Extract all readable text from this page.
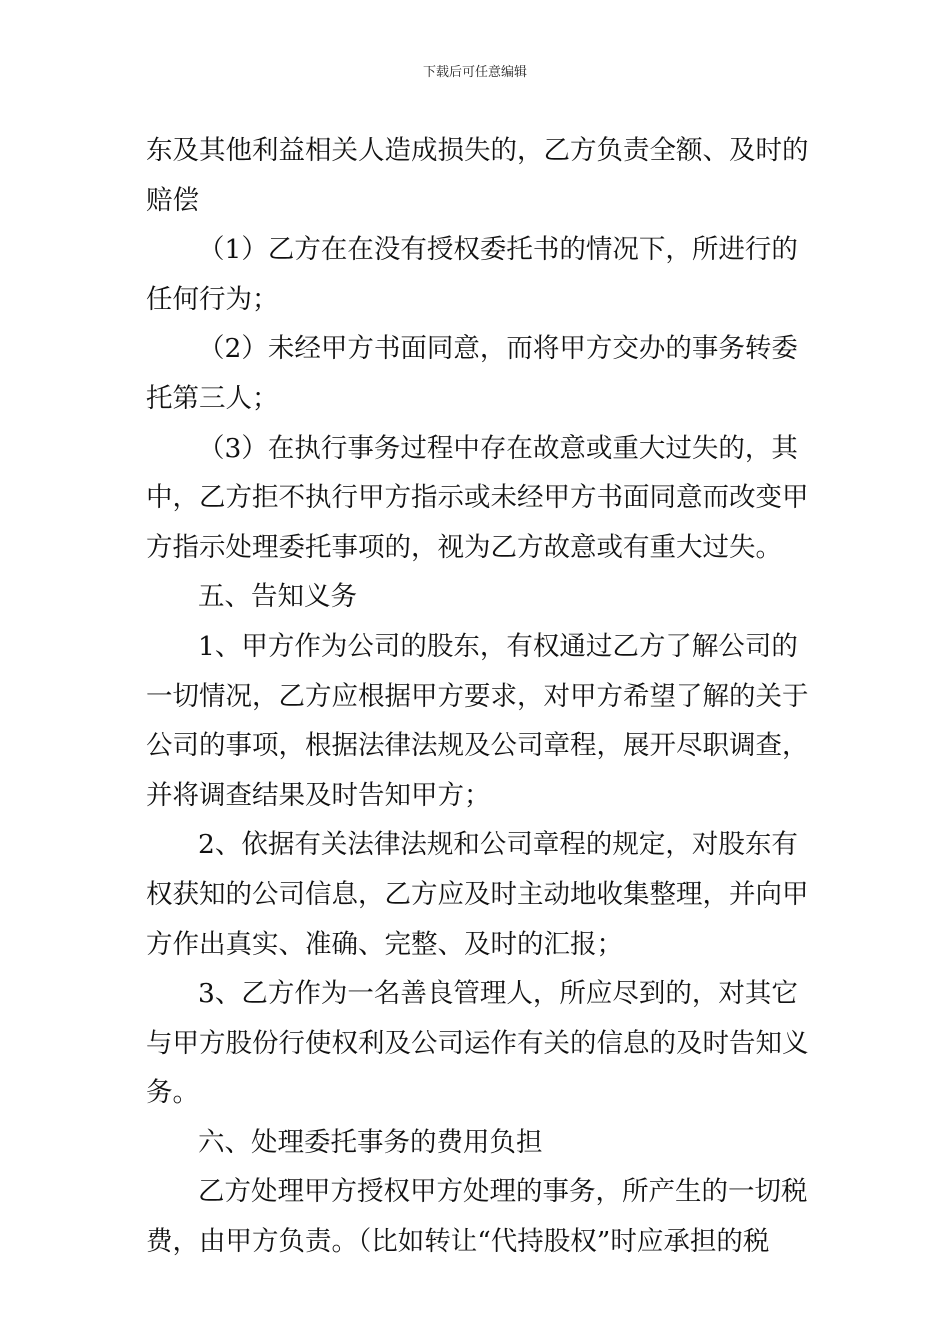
下载后可任意编辑

东及其他利益相关人造成损失的，乙方负责全额、及时的赔偿

（1）乙方在在没有授权委托书的情况下，所进行的任何行为；

（2）未经甲方书面同意，而将甲方交办的事务转委托第三人；

（3）在执行事务过程中存在故意或重大过失的，其中，乙方拒不执行甲方指示或未经甲方书面同意而改变甲方指示处理委托事项的，视为乙方故意或有重大过失。

五、告知义务

1、甲方作为公司的股东，有权通过乙方了解公司的一切情况，乙方应根据甲方要求，对甲方希望了解的关于公司的事项，根据法律法规及公司章程，展开尽职调查，并将调查结果及时告知甲方；

2、依据有关法律法规和公司章程的规定，对股东有权获知的公司信息，乙方应及时主动地收集整理，并向甲方作出真实、准确、完整、及时的汇报；

3、乙方作为一名善良管理人，所应尽到的，对其它与甲方股份行使权利及公司运作有关的信息的及时告知义务。

六、处理委托事务的费用负担

乙方处理甲方授权甲方处理的事务，所产生的一切税费，由甲方负责。（比如转让“代持股权”时应承担的税
